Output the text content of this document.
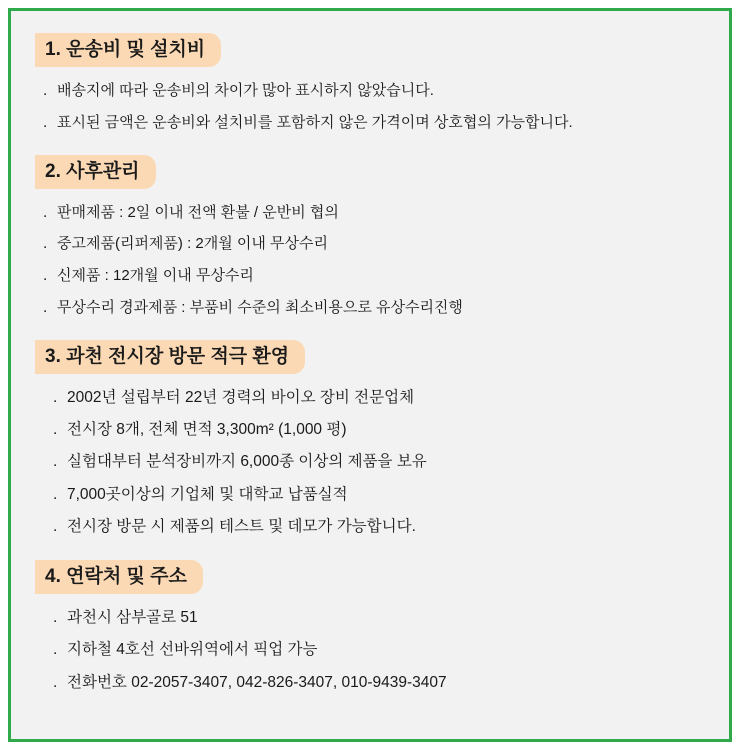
1. 운송비 및 설치비
. 배송지에 따라 운송비의 차이가 많아 표시하지 않았습니다.
. 표시된 금액은 운송비와 설치비를 포함하지 않은 가격이며 상호협의 가능합니다.
2. 사후관리
. 판매제품 : 2일 이내 전액 환불 / 운반비 협의
. 중고제품(리퍼제품) : 2개월 이내 무상수리
. 신제품 : 12개월 이내 무상수리
. 무상수리 경과제품 : 부품비 수준의 최소비용으로 유상수리진행
3. 과천 전시장 방문 적극 환영
. 2002년 설립부터 22년 경력의 바이오 장비 전문업체
. 전시장 8개, 전체 면적 3,300m² (1,000 평)
. 실험대부터 분석장비까지 6,000종 이상의 제품을 보유
. 7,000곳이상의 기업체 및 대학교 납품실적
. 전시장 방문 시 제품의 테스트 및 데모가 가능합니다.
4. 연락처 및 주소
. 과천시 삼부골로 51
. 지하철 4호선 선바위역에서 픽업 가능
. 전화번호 02-2057-3407, 042-826-3407, 010-9439-3407
